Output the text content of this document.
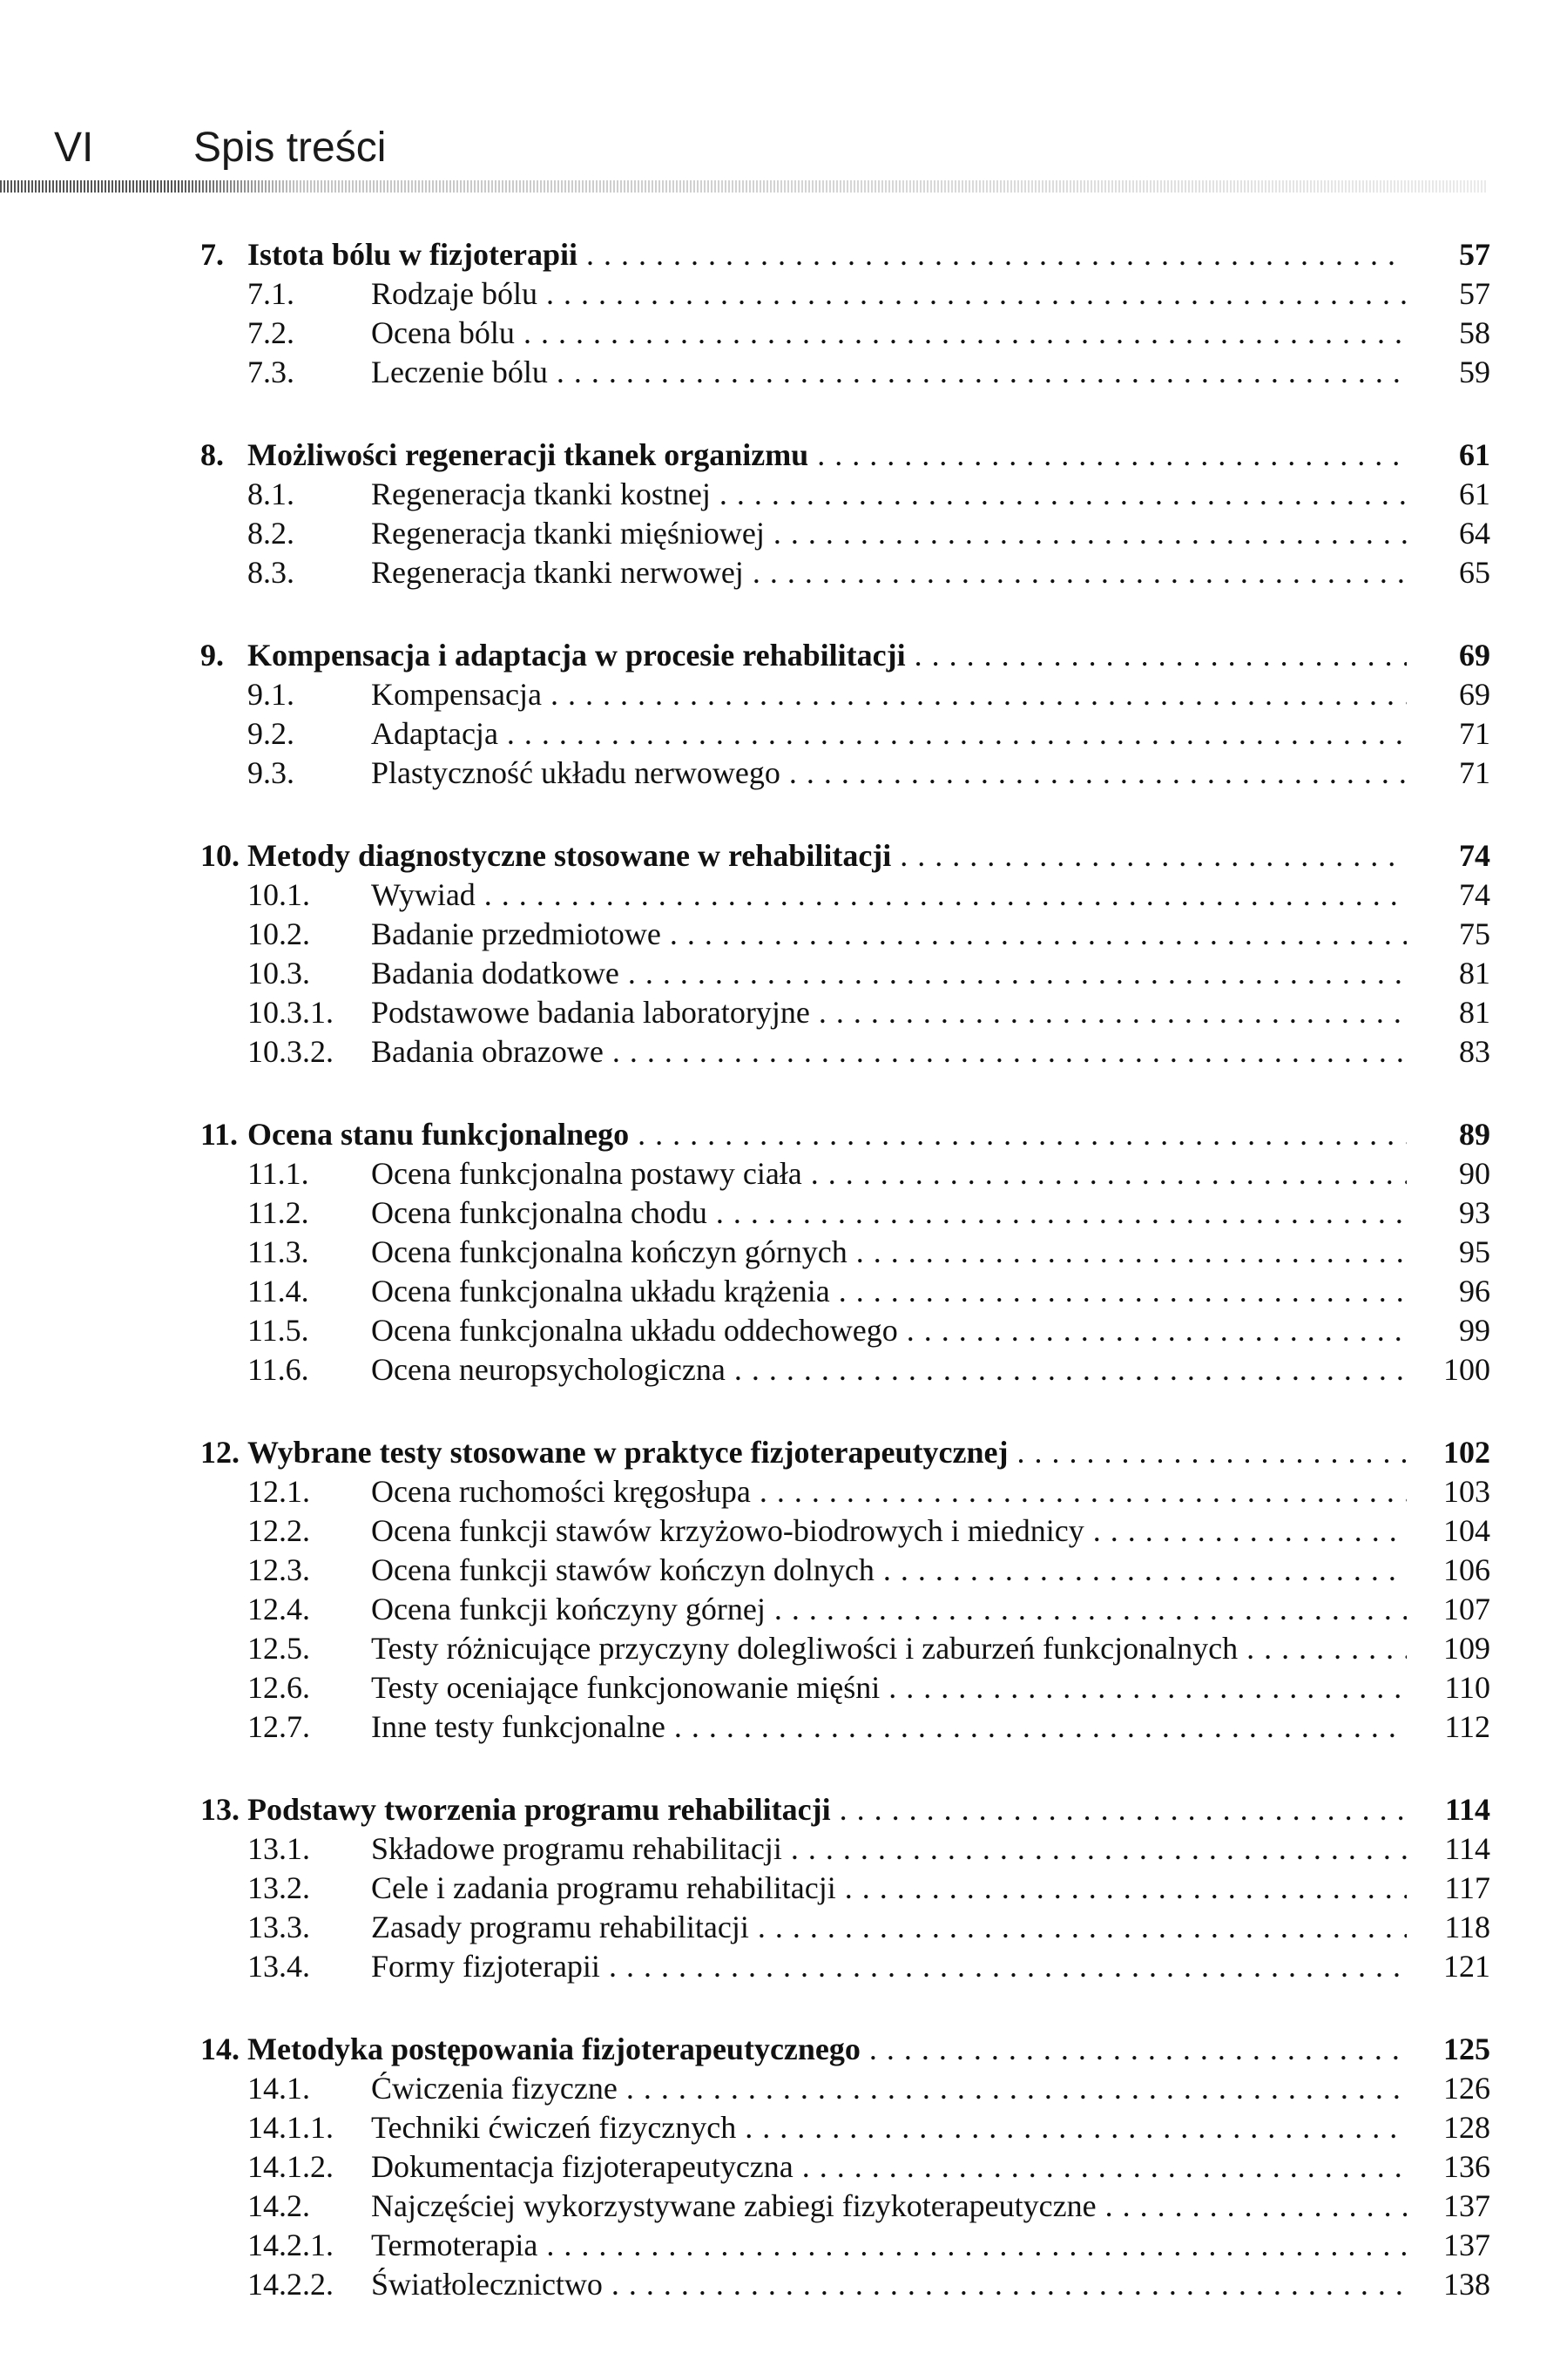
VI Spis treści
7. Istota bólu w fizjoterapii . . .	57
7.1. Rodzaje bólu . . .	57
7.2. Ocena bólu . . .	58
7.3. Leczenie bólu . . .	59
8. Możliwości regeneracji tkanek organizmu . . .	61
8.1. Regeneracja tkanki kostnej . . .	61
8.2. Regeneracja tkanki mięśniowej . . .	64
8.3. Regeneracja tkanki nerwowej . . .	65
9. Kompensacja i adaptacja w procesie rehabilitacji . . .	69
9.1. Kompensacja . . .	69
9.2. Adaptacja . . .	71
9.3. Plastyczność układu nerwowego . . .	71
10. Metody diagnostyczne stosowane w rehabilitacji . . .	74
10.1. Wywiad . . .	74
10.2. Badanie przedmiotowe . . .	75
10.3. Badania dodatkowe . . .	81
10.3.1. Podstawowe badania laboratoryjne . . .	81
10.3.2. Badania obrazowe . . .	83
11. Ocena stanu funkcjonalnego . . .	89
11.1. Ocena funkcjonalna postawy ciała . . .	90
11.2. Ocena funkcjonalna chodu . . .	93
11.3. Ocena funkcjonalna kończyn górnych . . .	95
11.4. Ocena funkcjonalna układu krążenia . . .	96
11.5. Ocena funkcjonalna układu oddechowego . . .	99
11.6. Ocena neuropsychologiczna . . .	100
12. Wybrane testy stosowane w praktyce fizjoterapeutycznej . . .	102
12.1. Ocena ruchomości kręgosłupa . . .	103
12.2. Ocena funkcji stawów krzyżowo-biodrowych i miednicy . . .	104
12.3. Ocena funkcji stawów kończyn dolnych . . .	106
12.4. Ocena funkcji kończyny górnej . . .	107
12.5. Testy różnicujące przyczyny dolegliwości i zaburzeń funkcjonalnych . . .	109
12.6. Testy oceniające funkcjonowanie mięśni . . .	110
12.7. Inne testy funkcjonalne . . .	112
13. Podstawy tworzenia programu rehabilitacji . . .	114
13.1. Składowe programu rehabilitacji . . .	114
13.2. Cele i zadania programu rehabilitacji . . .	117
13.3. Zasady programu rehabilitacji . . .	118
13.4. Formy fizjoterapii . . .	121
14. Metodyka postępowania fizjoterapeutycznego . . .	125
14.1. Ćwiczenia fizyczne . . .	126
14.1.1. Techniki ćwiczeń fizycznych . . .	128
14.1.2. Dokumentacja fizjoterapeutyczna . . .	136
14.2. Najczęściej wykorzystywane zabiegi fizykoterapeutyczne . . .	137
14.2.1. Termoterapia . . .	137
14.2.2. Światłolecznictwo . . .	138
